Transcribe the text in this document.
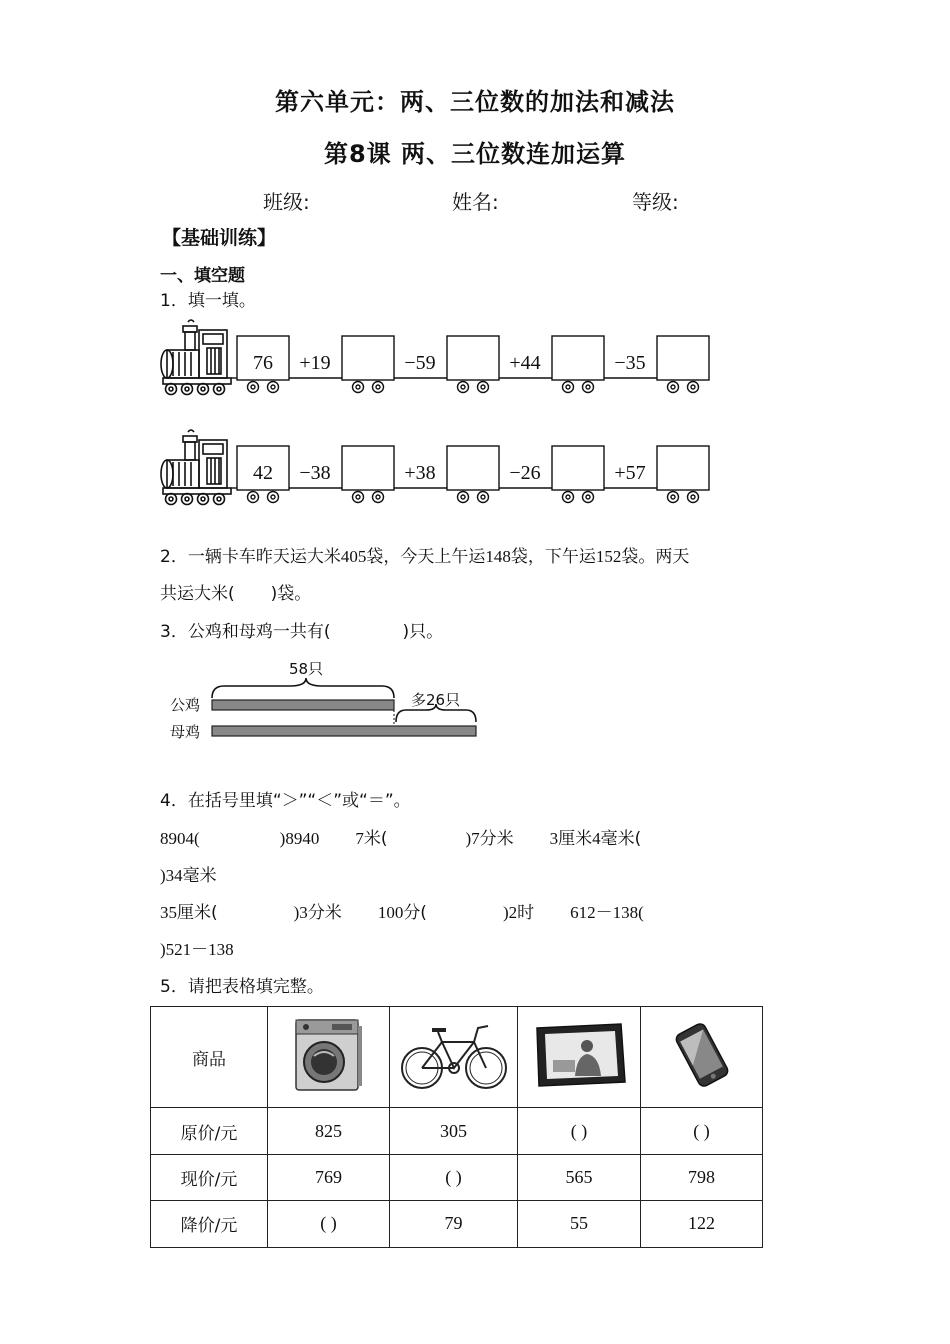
第六单元：两、三位数的加法和减法
第8课 两、三位数连加运算
班级:	姓名:	等级:
【基础训练】
一、填空题
1．填一填。
76 +19	−59	+44	−35
42 −38	+38	−26	+57
2．一辆卡车昨天运大米405袋，今天上午运148袋，下午运152袋。两天
共运大米( )袋。
3．公鸡和母鸡一共有(	)只。
58只
公鸡	多26只
母鸡
4．在括号里填“＞”“＜”或“＝”。
8904(	)8940 7米(	)7分米 3厘米4毫米(
)34毫米
35厘米(	)3分米 100分(	)2时 612－138(
)521－138
5．请把表格填完整。
商品				
原价/元	825	305	( )	( )
现价/元	769	( )	565	798
降价/元	( )	79	55	122
